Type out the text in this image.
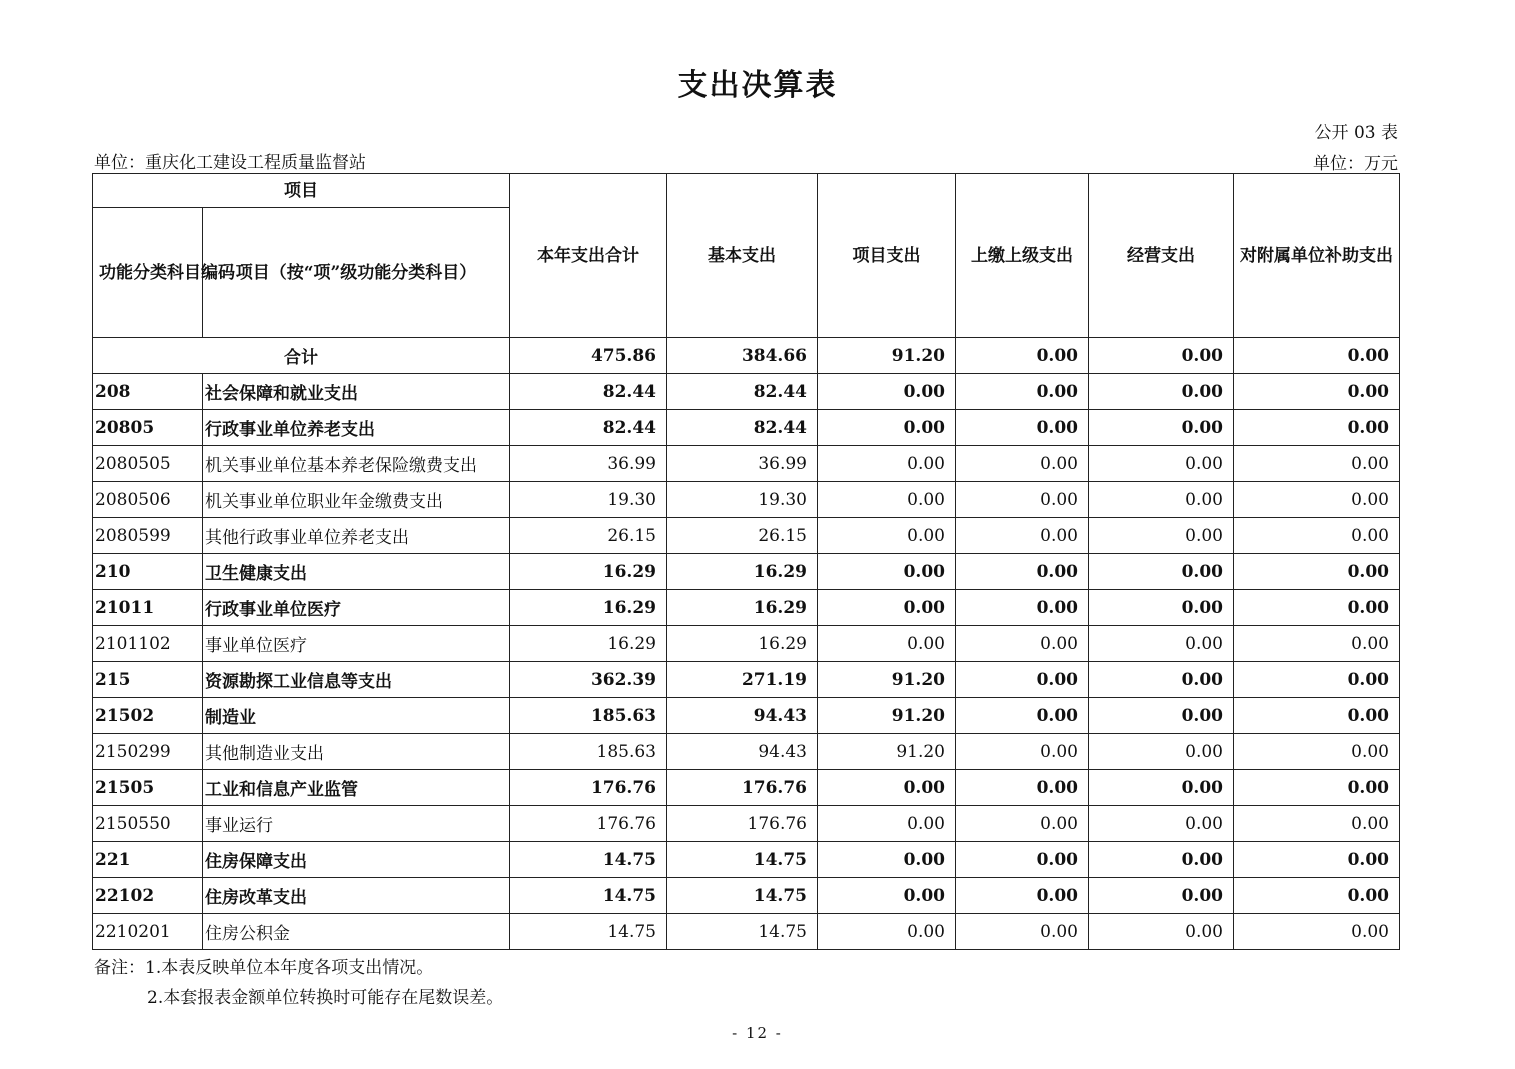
支出决算表
公开 03 表
单位：重庆化工建设工程质量监督站	单位：万元
项目		本年支出合计	基本支出	项目支出	上缴上级支出	经营支出	对附属单位补助支出
功能分类科目编码	项目（按“项”级功能分类科目）						
合计		475.86	384.66	91.20	0.00	0.00	0.00
208	社会保障和就业支出	82.44	82.44	0.00	0.00	0.00	0.00
20805	行政事业单位养老支出	82.44	82.44	0.00	0.00	0.00	0.00
2080505	机关事业单位基本养老保险缴费支出	36.99	36.99	0.00	0.00	0.00	0.00
2080506	机关事业单位职业年金缴费支出	19.30	19.30	0.00	0.00	0.00	0.00
2080599	其他行政事业单位养老支出	26.15	26.15	0.00	0.00	0.00	0.00
210	卫生健康支出	16.29	16.29	0.00	0.00	0.00	0.00
21011	行政事业单位医疗	16.29	16.29	0.00	0.00	0.00	0.00
2101102	事业单位医疗	16.29	16.29	0.00	0.00	0.00	0.00
215	资源勘探工业信息等支出	362.39	271.19	91.20	0.00	0.00	0.00
21502	制造业	185.63	94.43	91.20	0.00	0.00	0.00
2150299	其他制造业支出	185.63	94.43	91.20	0.00	0.00	0.00
21505	工业和信息产业监管	176.76	176.76	0.00	0.00	0.00	0.00
2150550	事业运行	176.76	176.76	0.00	0.00	0.00	0.00
221	住房保障支出	14.75	14.75	0.00	0.00	0.00	0.00
22102	住房改革支出	14.75	14.75	0.00	0.00	0.00	0.00
2210201	住房公积金	14.75	14.75	0.00	0.00	0.00	0.00
备注：1.本表反映单位本年度各项支出情况。
2.本套报表金额单位转换时可能存在尾数误差。
- 12 -
